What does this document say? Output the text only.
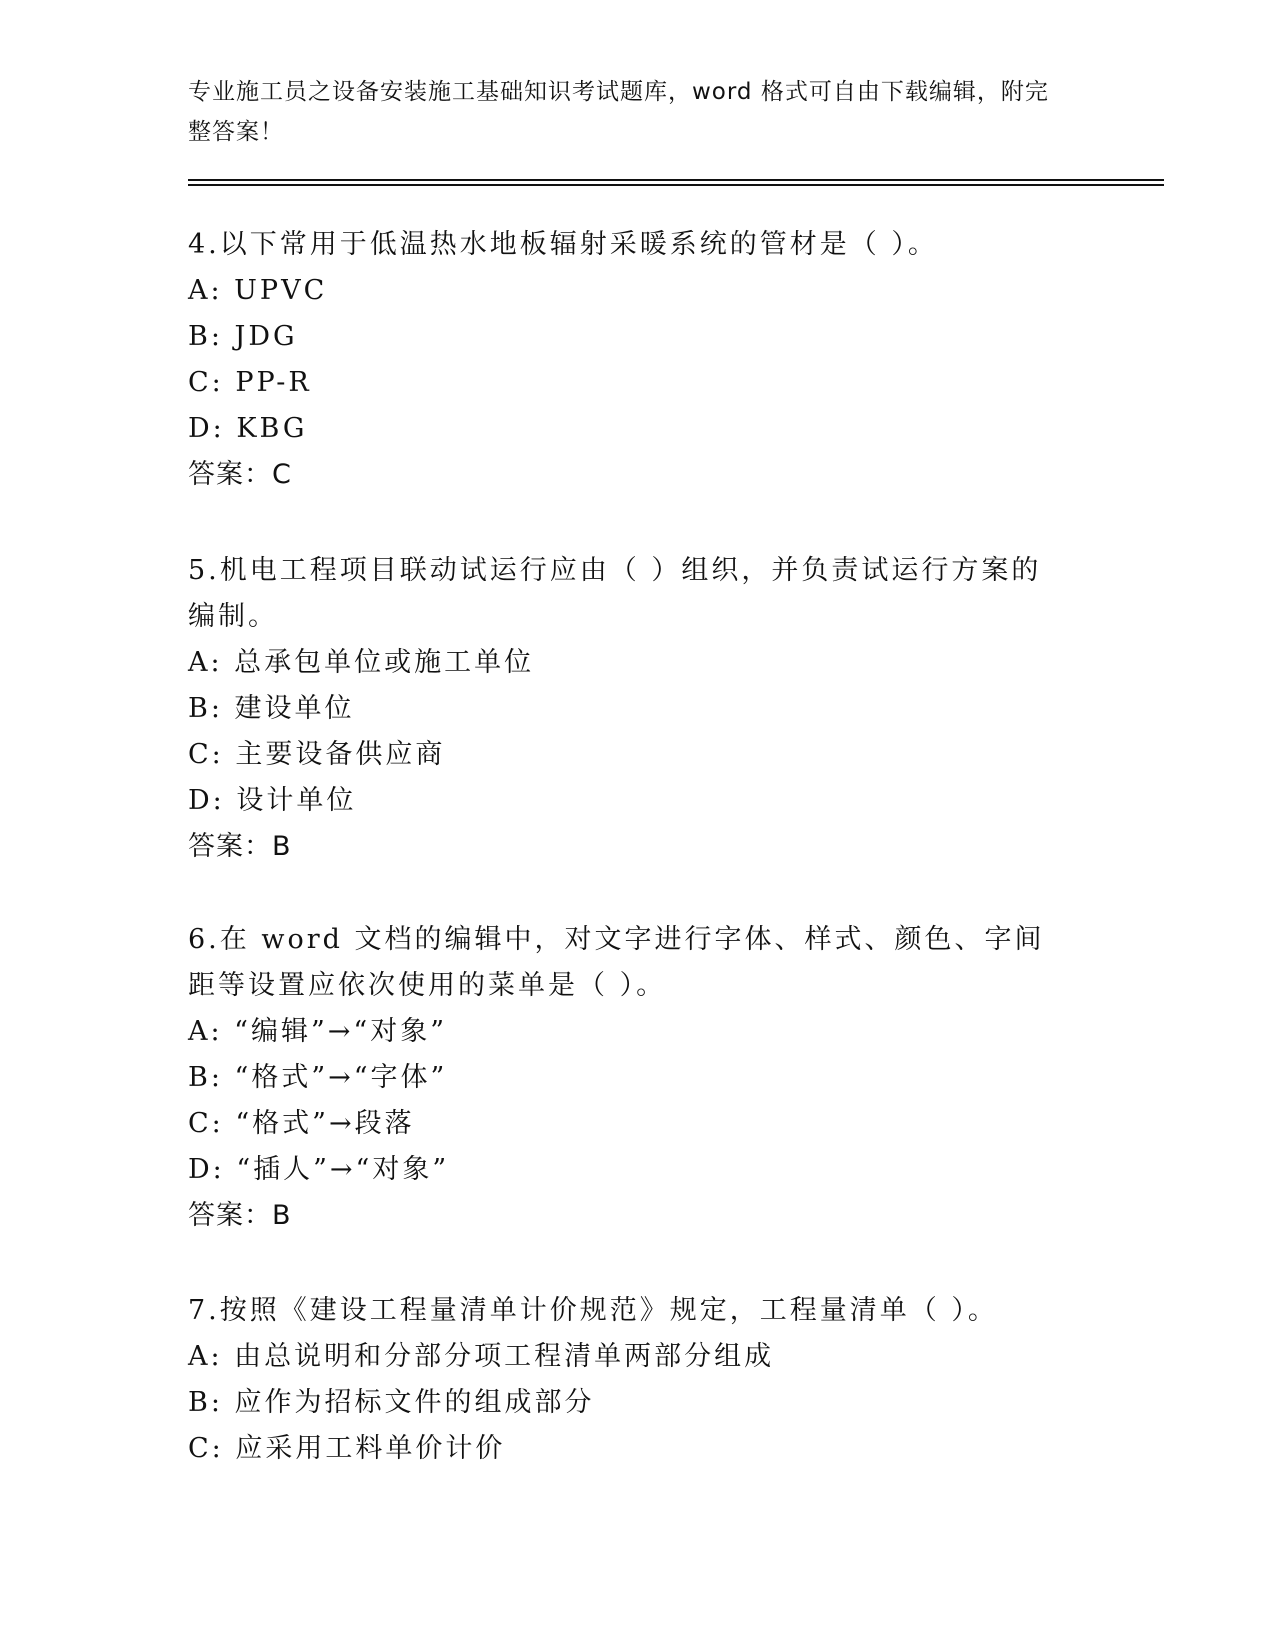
专业施工员之设备安装施工基础知识考试题库，word 格式可自由下载编辑，附完整答案！
4.以下常用于低温热水地板辐射采暖系统的管材是（ ）。
A: UPVC
B: JDG
C: PP-R
D: KBG
答案：C
5.机电工程项目联动试运行应由（ ）组织，并负责试运行方案的编制。
A: 总承包单位或施工单位
B: 建设单位
C: 主要设备供应商
D: 设计单位
答案：B
6.在 word 文档的编辑中，对文字进行字体、样式、颜色、字间距等设置应依次使用的菜单是（ ）。
A: “编辑”→“对象”
B: “格式”→“字体”
C: “格式”→段落
D: “插人”→“对象”
答案：B
7.按照《建设工程量清单计价规范》规定，工程量清单（ ）。
A: 由总说明和分部分项工程清单两部分组成
B: 应作为招标文件的组成部分
C: 应采用工料单价计价
